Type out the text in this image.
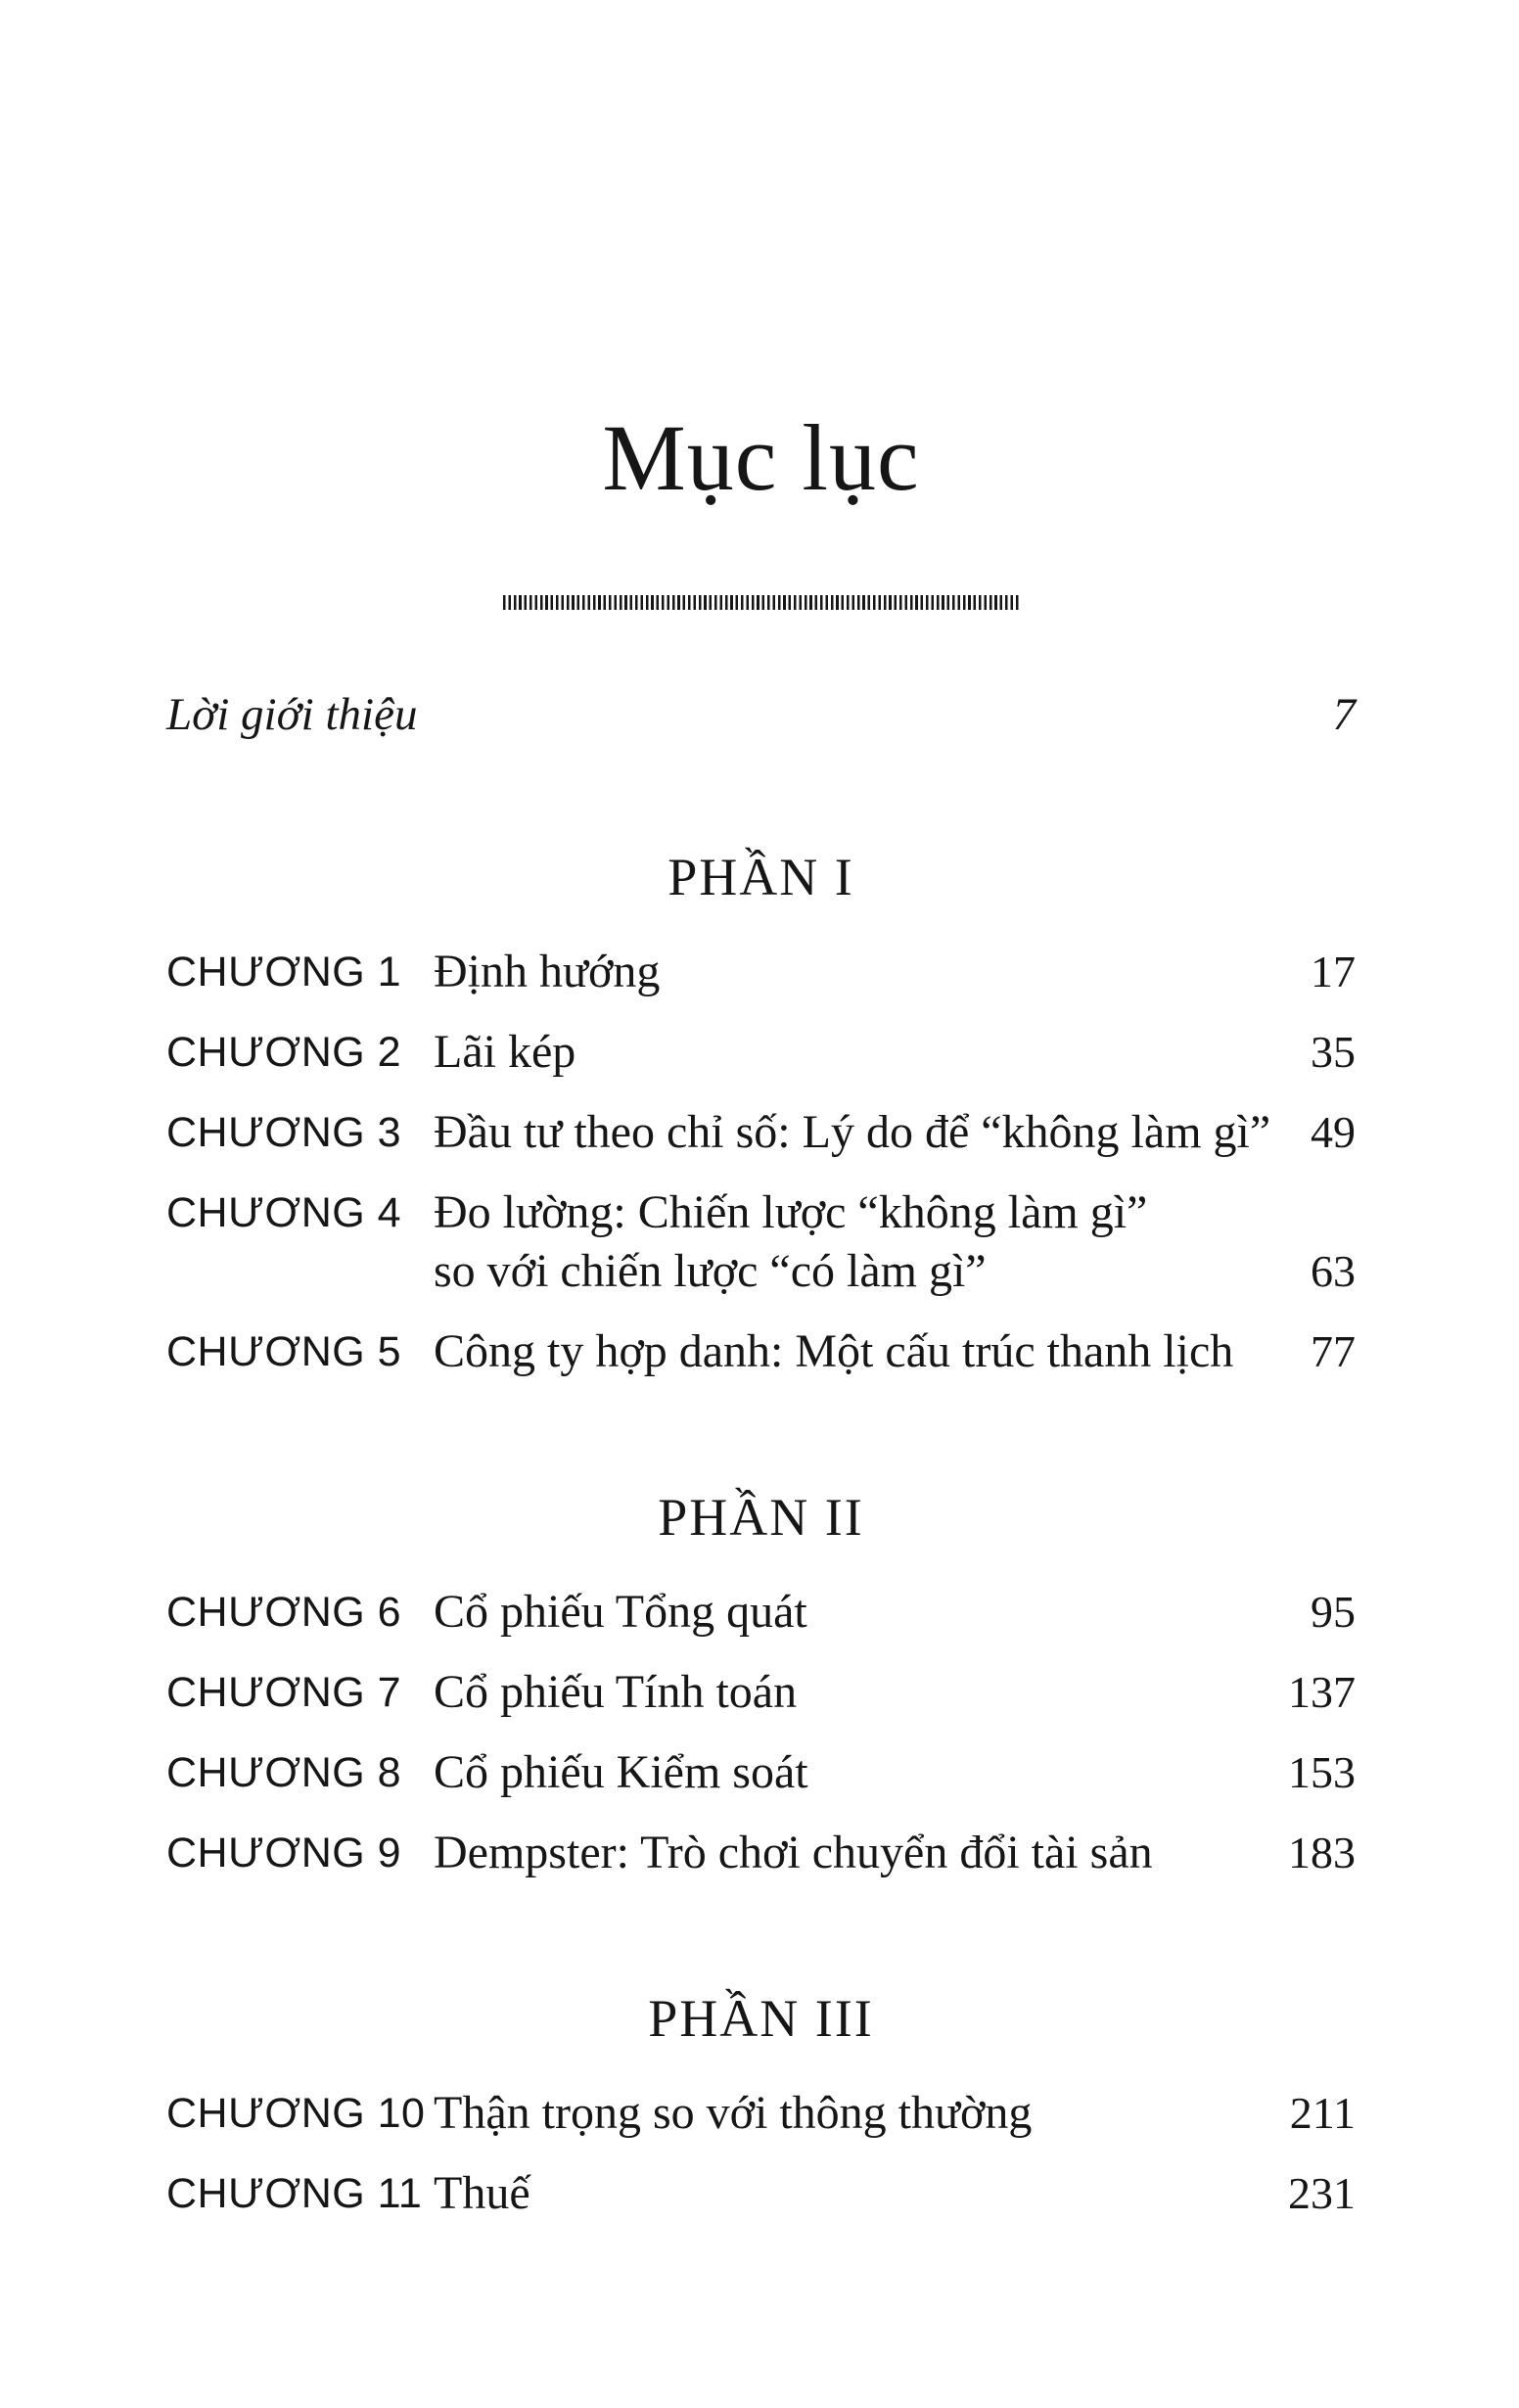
Mục lục
Lời giới thiệu	7
PHẦN I
CHƯƠNG 1 Định hướng	17
CHƯƠNG 2 Lãi kép	35
CHƯƠNG 3 Đầu tư theo chỉ số: Lý do để “không làm gì” 49
CHƯƠNG 4 Đo lường: Chiến lược “không làm gì”
so với chiến lược “có làm gì”	63
CHƯƠNG 5 Công ty hợp danh: Một cấu trúc thanh lịch	77
PHẦN II
CHƯƠNG 6 Cổ phiếu Tổng quát	95
CHƯƠNG 7 Cổ phiếu Tính toán	137
CHƯƠNG 8 Cổ phiếu Kiểm soát	153
CHƯƠNG 9 Dempster: Trò chơi chuyển đổi tài sản	183
PHẦN III
CHƯƠNG 10 Thận trọng so với thông thường	211
CHƯƠNG 11 Thuế	231
